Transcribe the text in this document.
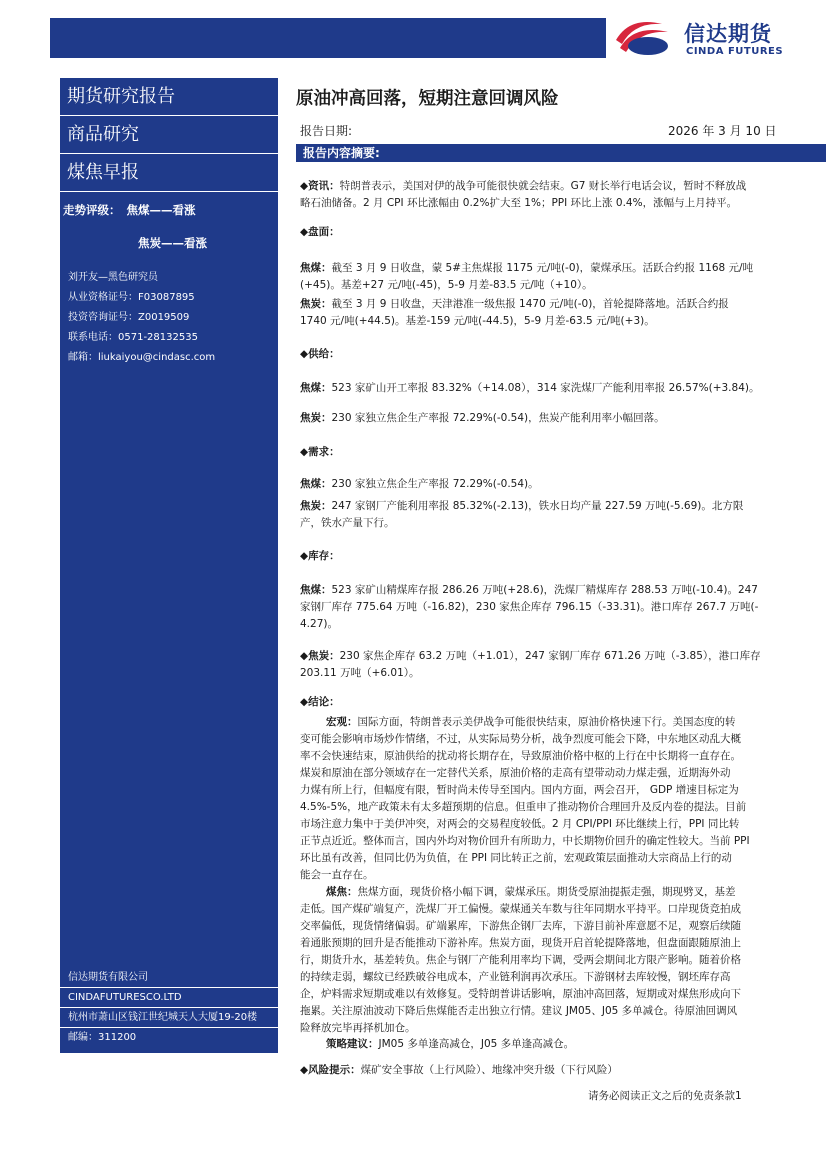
信达期货
CINDA FUTURES
期货研究报告
商品研究
煤焦早报
走势评级： 焦煤——看涨
焦炭——看涨
刘开友—黑色研究员
从业资格证号：F03087895
投资咨询证号：Z0019509
联系电话：0571-28132535
邮箱：liukaiyou@cindasc.com
信达期货有限公司
CINDAFUTURESCO.LTD
杭州市萧山区钱江世纪城天人大厦19-20楼
邮编：311200
原油冲高回落，短期注意回调风险
报告日期:	2026 年 3 月 10 日
报告内容摘要:
◆资讯：特朗普表示，美国对伊的战争可能很快就会结束。G7 财长举行电话会议，暂时不释放战
略石油储备。2 月 CPI 环比涨幅由 0.2%扩大至 1%；PPI 环比上涨 0.4%，涨幅与上月持平。
◆盘面：
焦煤：截至 3 月 9 日收盘，蒙 5#主焦煤报 1175 元/吨(-0)，蒙煤承压。活跃合约报 1168 元/吨
(+45)。基差+27 元/吨(-45)，5-9 月差-83.5 元/吨（+10）。
焦炭：截至 3 月 9 日收盘，天津港准一级焦报 1470 元/吨(-0)，首轮提降落地。活跃合约报
1740 元/吨(+44.5)。基差-159 元/吨(-44.5)，5-9 月差-63.5 元/吨(+3)。
◆供给：
焦煤：523 家矿山开工率报 83.32%（+14.08），314 家洗煤厂产能利用率报 26.57%(+3.84)。
焦炭：230 家独立焦企生产率报 72.29%(-0.54)，焦炭产能利用率小幅回落。
◆需求：
焦煤：230 家独立焦企生产率报 72.29%(-0.54)。
焦炭：247 家钢厂产能利用率报 85.32%(-2.13)，铁水日均产量 227.59 万吨(-5.69)。北方限
产，铁水产量下行。
◆库存：
焦煤：523 家矿山精煤库存报 286.26 万吨(+28.6)，洗煤厂精煤库存 288.53 万吨(-10.4)。247
家钢厂库存 775.64 万吨（-16.82)，230 家焦企库存 796.15（-33.31)。港口库存 267.7 万吨(-
4.27)。
◆焦炭：230 家焦企库存 63.2 万吨（+1.01），247 家钢厂库存 671.26 万吨（-3.85），港口库存
203.11 万吨（+6.01）。
◆结论：
宏观：国际方面，特朗普表示美伊战争可能很快结束，原油价格快速下行。美国态度的转
变可能会影响市场炒作情绪，不过，从实际局势分析，战争烈度可能会下降，中东地区动乱大概
率不会快速结束，原油供给的扰动将长期存在，导致原油价格中枢的上行在中长期将一直存在。
煤炭和原油在部分领域存在一定替代关系，原油价格的走高有望带动动力煤走强，近期海外动
力煤有所上行，但幅度有限，暂时尚未传导至国内。国内方面，两会召开， GDP 增速目标定为
4.5%-5%，地产政策未有太多超预期的信息。但重申了推动物价合理回升及反内卷的提法。目前
市场注意力集中于美伊冲突，对两会的交易程度较低。2 月 CPI/PPI 环比继续上行，PPI 同比转
正节点近近。整体而言，国内外均对物价回升有所助力，中长期物价回升的确定性较大。当前 PPI
环比虽有改善，但同比仍为负值，在 PPI 同比转正之前，宏观政策层面推动大宗商品上行的动
能会一直存在。
煤焦：焦煤方面，现货价格小幅下调，蒙煤承压。期货受原油提振走强，期现劈叉，基差
走低。国产煤矿端复产，洗煤厂开工偏慢。蒙煤通关车数与往年同期水平持平。口岸现货竞拍成
交率偏低，现货情绪偏弱。矿端累库，下游焦企钢厂去库，下游目前补库意愿不足，观察后续随
着通胀预期的回升是否能推动下游补库。焦炭方面，现货开启首轮提降落地，但盘面跟随原油上
行，期货升水，基差转负。焦企与钢厂产能利用率均下调，受两会期间北方限产影响。随着价格
的持续走弱，螺纹已经跌破谷电成本，产业链利润再次承压。下游钢材去库较慢，钢坯库存高
企，炉料需求短期或难以有效修复。受特朗普讲话影响，原油冲高回落，短期或对煤焦形成向下
拖累。关注原油波动下降后焦煤能否走出独立行情。建议 JM05、J05 多单减仓。待原油回调风
险释放完毕再择机加仓。
策略建议：JM05 多单逢高减仓，J05 多单逢高减仓。
◆风险提示：煤矿安全事故（上行风险）、地缘冲突升级（下行风险）
请务必阅读正文之后的免责条款1
